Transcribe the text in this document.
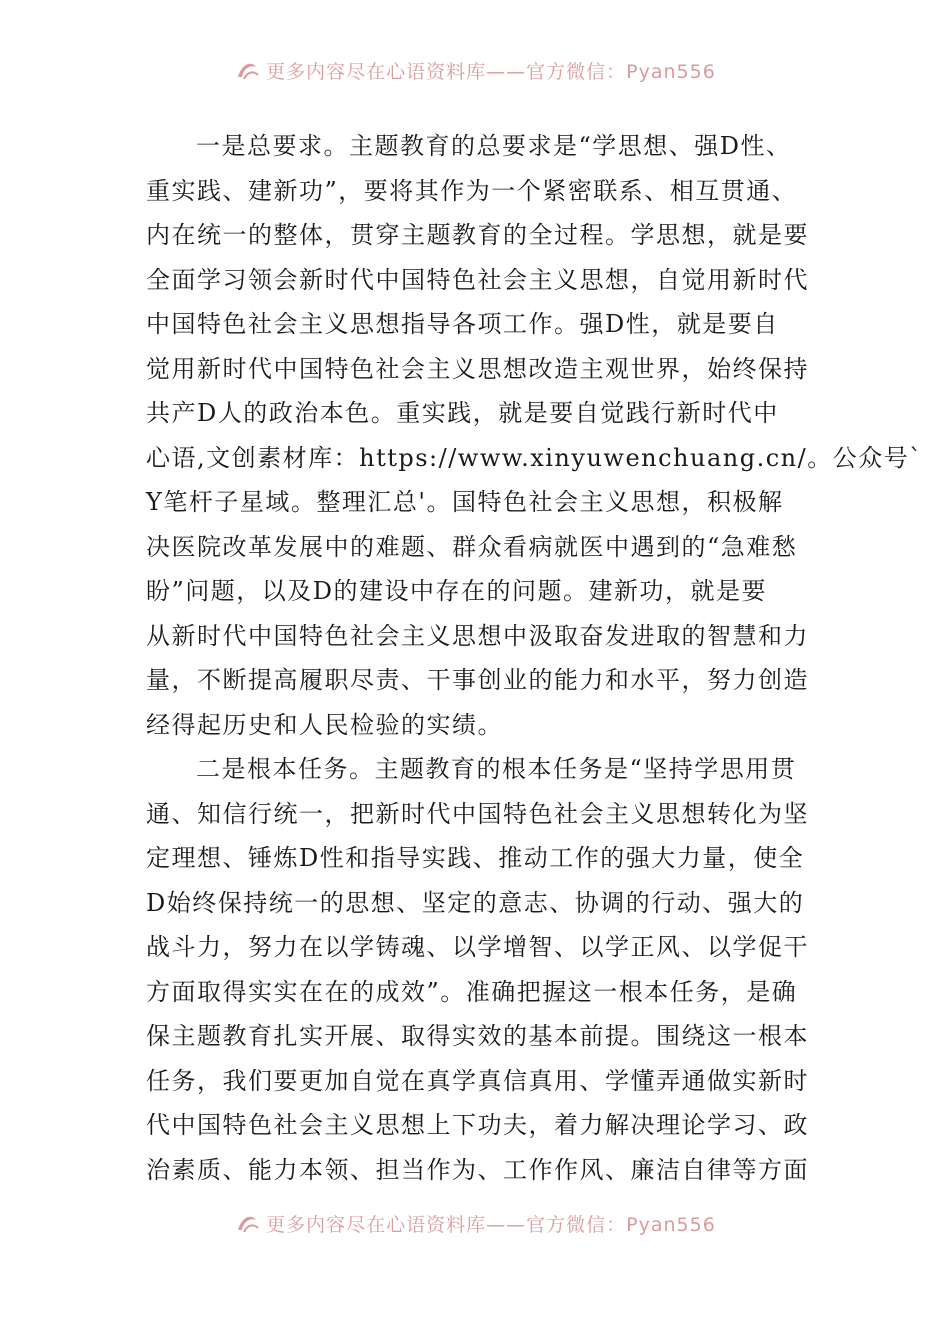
更多内容尽在心语资料库——官方微信：Pyan556
一是总要求。主题教育的总要求是“学思想、强D性、
重实践、建新功”，要将其作为一个紧密联系、相互贯通、
内在统一的整体，贯穿主题教育的全过程。学思想，就是要
全面学习领会新时代中国特色社会主义思想，自觉用新时代
中国特色社会主义思想指导各项工作。强D性，就是要自
觉用新时代中国特色社会主义思想改造主观世界，始终保持
共产D人的政治本色。重实践，就是要自觉践行新时代中
心语,文创素材库：https://www.xinyuwenchuang.cn/。公众号`
Y笔杆子星域。整理汇总'。国特色社会主义思想，积极解
决医院改革发展中的难题、群众看病就医中遇到的“急难愁
盼”问题，以及D的建设中存在的问题。建新功，就是要
从新时代中国特色社会主义思想中汲取奋发进取的智慧和力
量，不断提高履职尽责、干事创业的能力和水平，努力创造
经得起历史和人民检验的实绩。
二是根本任务。主题教育的根本任务是“坚持学思用贯
通、知信行统一，把新时代中国特色社会主义思想转化为坚
定理想、锤炼D性和指导实践、推动工作的强大力量，使全
D始终保持统一的思想、坚定的意志、协调的行动、强大的
战斗力，努力在以学铸魂、以学增智、以学正风、以学促干
方面取得实实在在的成效”。准确把握这一根本任务，是确
保主题教育扎实开展、取得实效的基本前提。围绕这一根本
任务，我们要更加自觉在真学真信真用、学懂弄通做实新时
代中国特色社会主义思想上下功夫，着力解决理论学习、政
治素质、能力本领、担当作为、工作作风、廉洁自律等方面
更多内容尽在心语资料库——官方微信：Pyan556
